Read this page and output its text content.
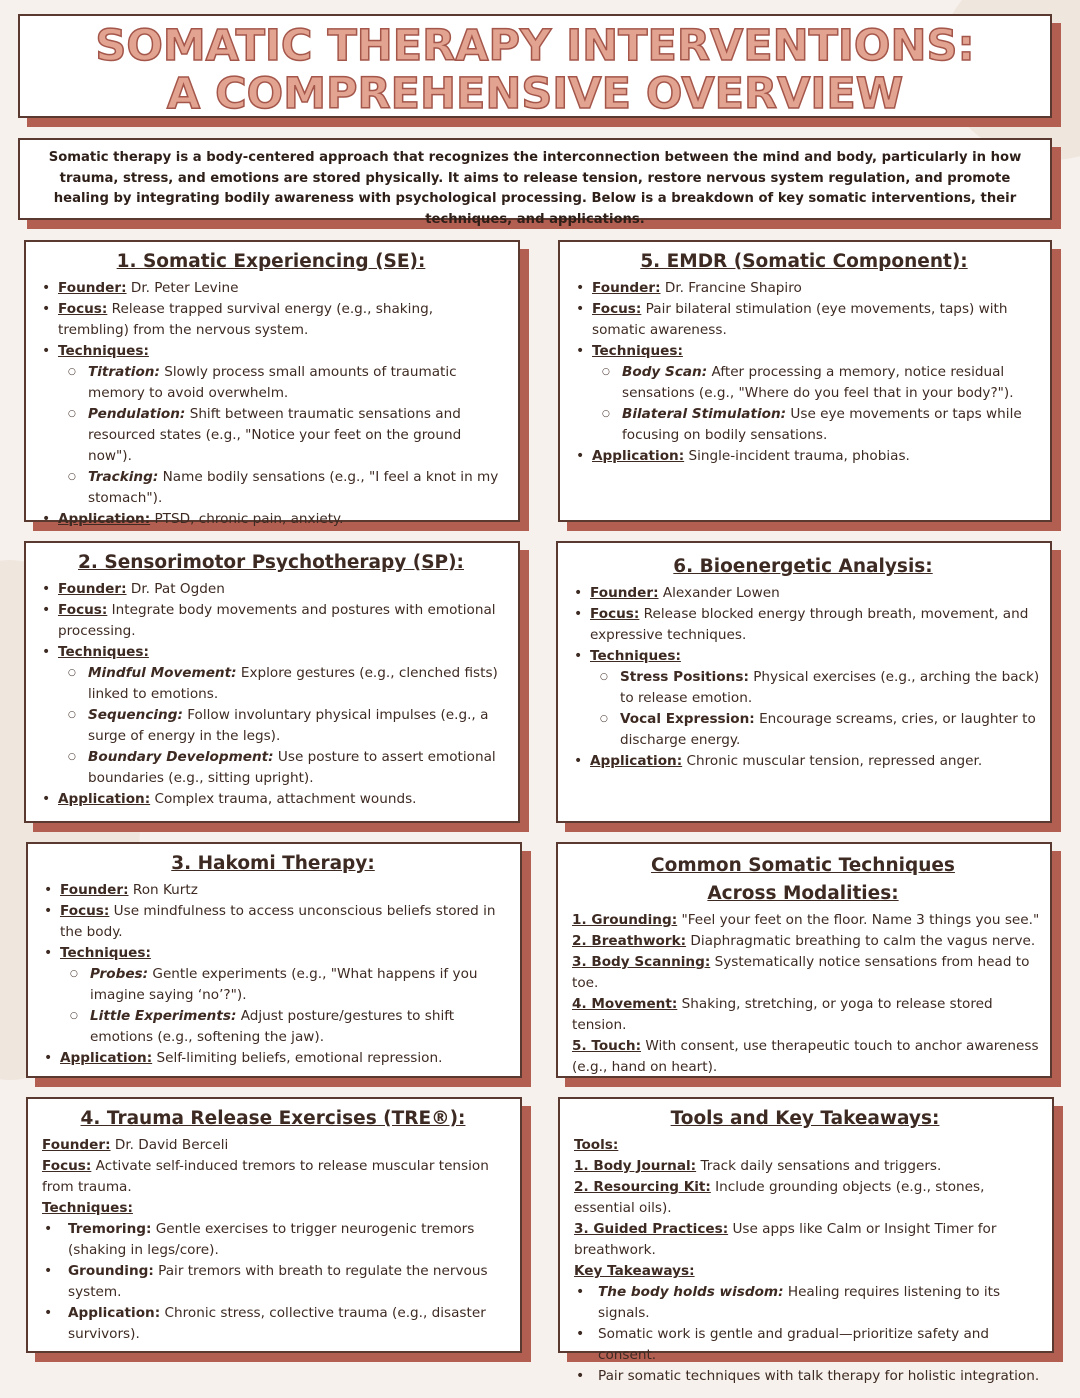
SOMATIC THERAPY INTERVENTIONS:
A COMPREHENSIVE OVERVIEW

Somatic therapy is a body-centered approach that recognizes the interconnection between the mind and body, particularly in how trauma, stress, and emotions are stored physically. It aims to release tension, restore nervous system regulation, and promote healing by integrating bodily awareness with psychological processing. Below is a breakdown of key somatic interventions, their techniques, and applications.

1. Somatic Experiencing (SE):
• Founder: Dr. Peter Levine
• Focus: Release trapped survival energy (e.g., shaking, trembling) from the nervous system.
• Techniques:
○ Titration: Slowly process small amounts of traumatic memory to avoid overwhelm.
○ Pendulation: Shift between traumatic sensations and resourced states (e.g., "Notice your feet on the ground now").
○ Tracking: Name bodily sensations (e.g., "I feel a knot in my stomach").
• Application: PTSD, chronic pain, anxiety.
5. EMDR (Somatic Component):
• Founder: Dr. Francine Shapiro
• Focus: Pair bilateral stimulation (eye movements, taps) with somatic awareness.
• Techniques:
○ Body Scan: After processing a memory, notice residual sensations (e.g., "Where do you feel that in your body?").
○ Bilateral Stimulation: Use eye movements or taps while focusing on bodily sensations.
• Application: Single-incident trauma, phobias.
2. Sensorimotor Psychotherapy (SP):
• Founder: Dr. Pat Ogden
• Focus: Integrate body movements and postures with emotional processing.
• Techniques:
○ Mindful Movement: Explore gestures (e.g., clenched fists) linked to emotions.
○ Sequencing: Follow involuntary physical impulses (e.g., a surge of energy in the legs).
○ Boundary Development: Use posture to assert emotional boundaries (e.g., sitting upright).
• Application: Complex trauma, attachment wounds.
6. Bioenergetic Analysis:
• Founder: Alexander Lowen
• Focus: Release blocked energy through breath, movement, and expressive techniques.
• Techniques:
○ Stress Positions: Physical exercises (e.g., arching the back) to release emotion.
○ Vocal Expression: Encourage screams, cries, or laughter to discharge energy.
• Application: Chronic muscular tension, repressed anger.
3. Hakomi Therapy:
• Founder: Ron Kurtz
• Focus: Use mindfulness to access unconscious beliefs stored in the body.
• Techniques:
○ Probes: Gentle experiments (e.g., "What happens if you imagine saying ‘no’?").
○ Little Experiments: Adjust posture/gestures to shift emotions (e.g., softening the jaw).
• Application: Self-limiting beliefs, emotional repression.
Common Somatic Techniques
Across Modalities:
1. Grounding: "Feel your feet on the floor. Name 3 things you see."
2. Breathwork: Diaphragmatic breathing to calm the vagus nerve.
3. Body Scanning: Systematically notice sensations from head to toe.
4. Movement: Shaking, stretching, or yoga to release stored tension.
5. Touch: With consent, use therapeutic touch to anchor awareness (e.g., hand on heart).
4. Trauma Release Exercises (TRE®):
Founder: Dr. David Berceli
Focus: Activate self-induced tremors to release muscular tension from trauma.
Techniques:
• Tremoring: Gentle exercises to trigger neurogenic tremors (shaking in legs/core).
• Grounding: Pair tremors with breath to regulate the nervous system.
• Application: Chronic stress, collective trauma (e.g., disaster survivors).
Tools and Key Takeaways:
Tools:
1. Body Journal: Track daily sensations and triggers.
2. Resourcing Kit: Include grounding objects (e.g., stones, essential oils).
3. Guided Practices: Use apps like Calm or Insight Timer for breathwork.
Key Takeaways:
• The body holds wisdom: Healing requires listening to its signals.
• Somatic work is gentle and gradual—prioritize safety and consent.
• Pair somatic techniques with talk therapy for holistic integration.
